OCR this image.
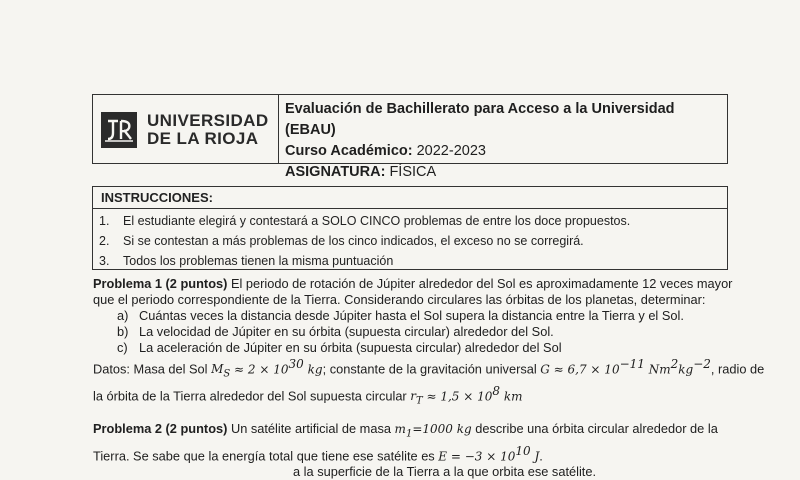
UNIVERSIDAD
DE LA RIOJA
Evaluación de Bachillerato para Acceso a la Universidad (EBAU)
Curso Académico: 2022-2023
ASIGNATURA: FÍSICA
INSTRUCCIONES:
1. El estudiante elegirá y contestará a SOLO CINCO problemas de entre los doce propuestos.
2. Si se contestan a más problemas de los cinco indicados, el exceso no se corregirá.
3. Todos los problemas tienen la misma puntuación
Problema 1 (2 puntos) El periodo de rotación de Júpiter alrededor del Sol es aproximadamente 12 veces mayor
que el periodo correspondiente de la Tierra. Considerando circulares las órbitas de los planetas, determinar:
a) Cuántas veces la distancia desde Júpiter hasta el Sol supera la distancia entre la Tierra y el Sol.
b) La velocidad de Júpiter en su órbita (supuesta circular) alrededor del Sol.
c) La aceleración de Júpiter en su órbita (supuesta circular) alrededor del Sol
Datos: Masa del Sol $M_S \approx 2 \times 10^{30}$ kg; constante de la gravitación universal $G \approx 6,7 \times 10^{-11}$ $Nm^2kg^{-2}$, radio de
la órbita de la Tierra alrededor del Sol supuesta circular $r_T \approx 1,5 \times 10^8$ km
Problema 2 (2 puntos) Un satélite artificial de masa $m_1=1000$ kg describe una órbita circular alrededor de la
Tierra. Se sabe que la energía total que tiene ese satélite es $E = -3 \times 10^{10}$ J.
a la superficie de la Tierra a la que orbita ese satélite.
